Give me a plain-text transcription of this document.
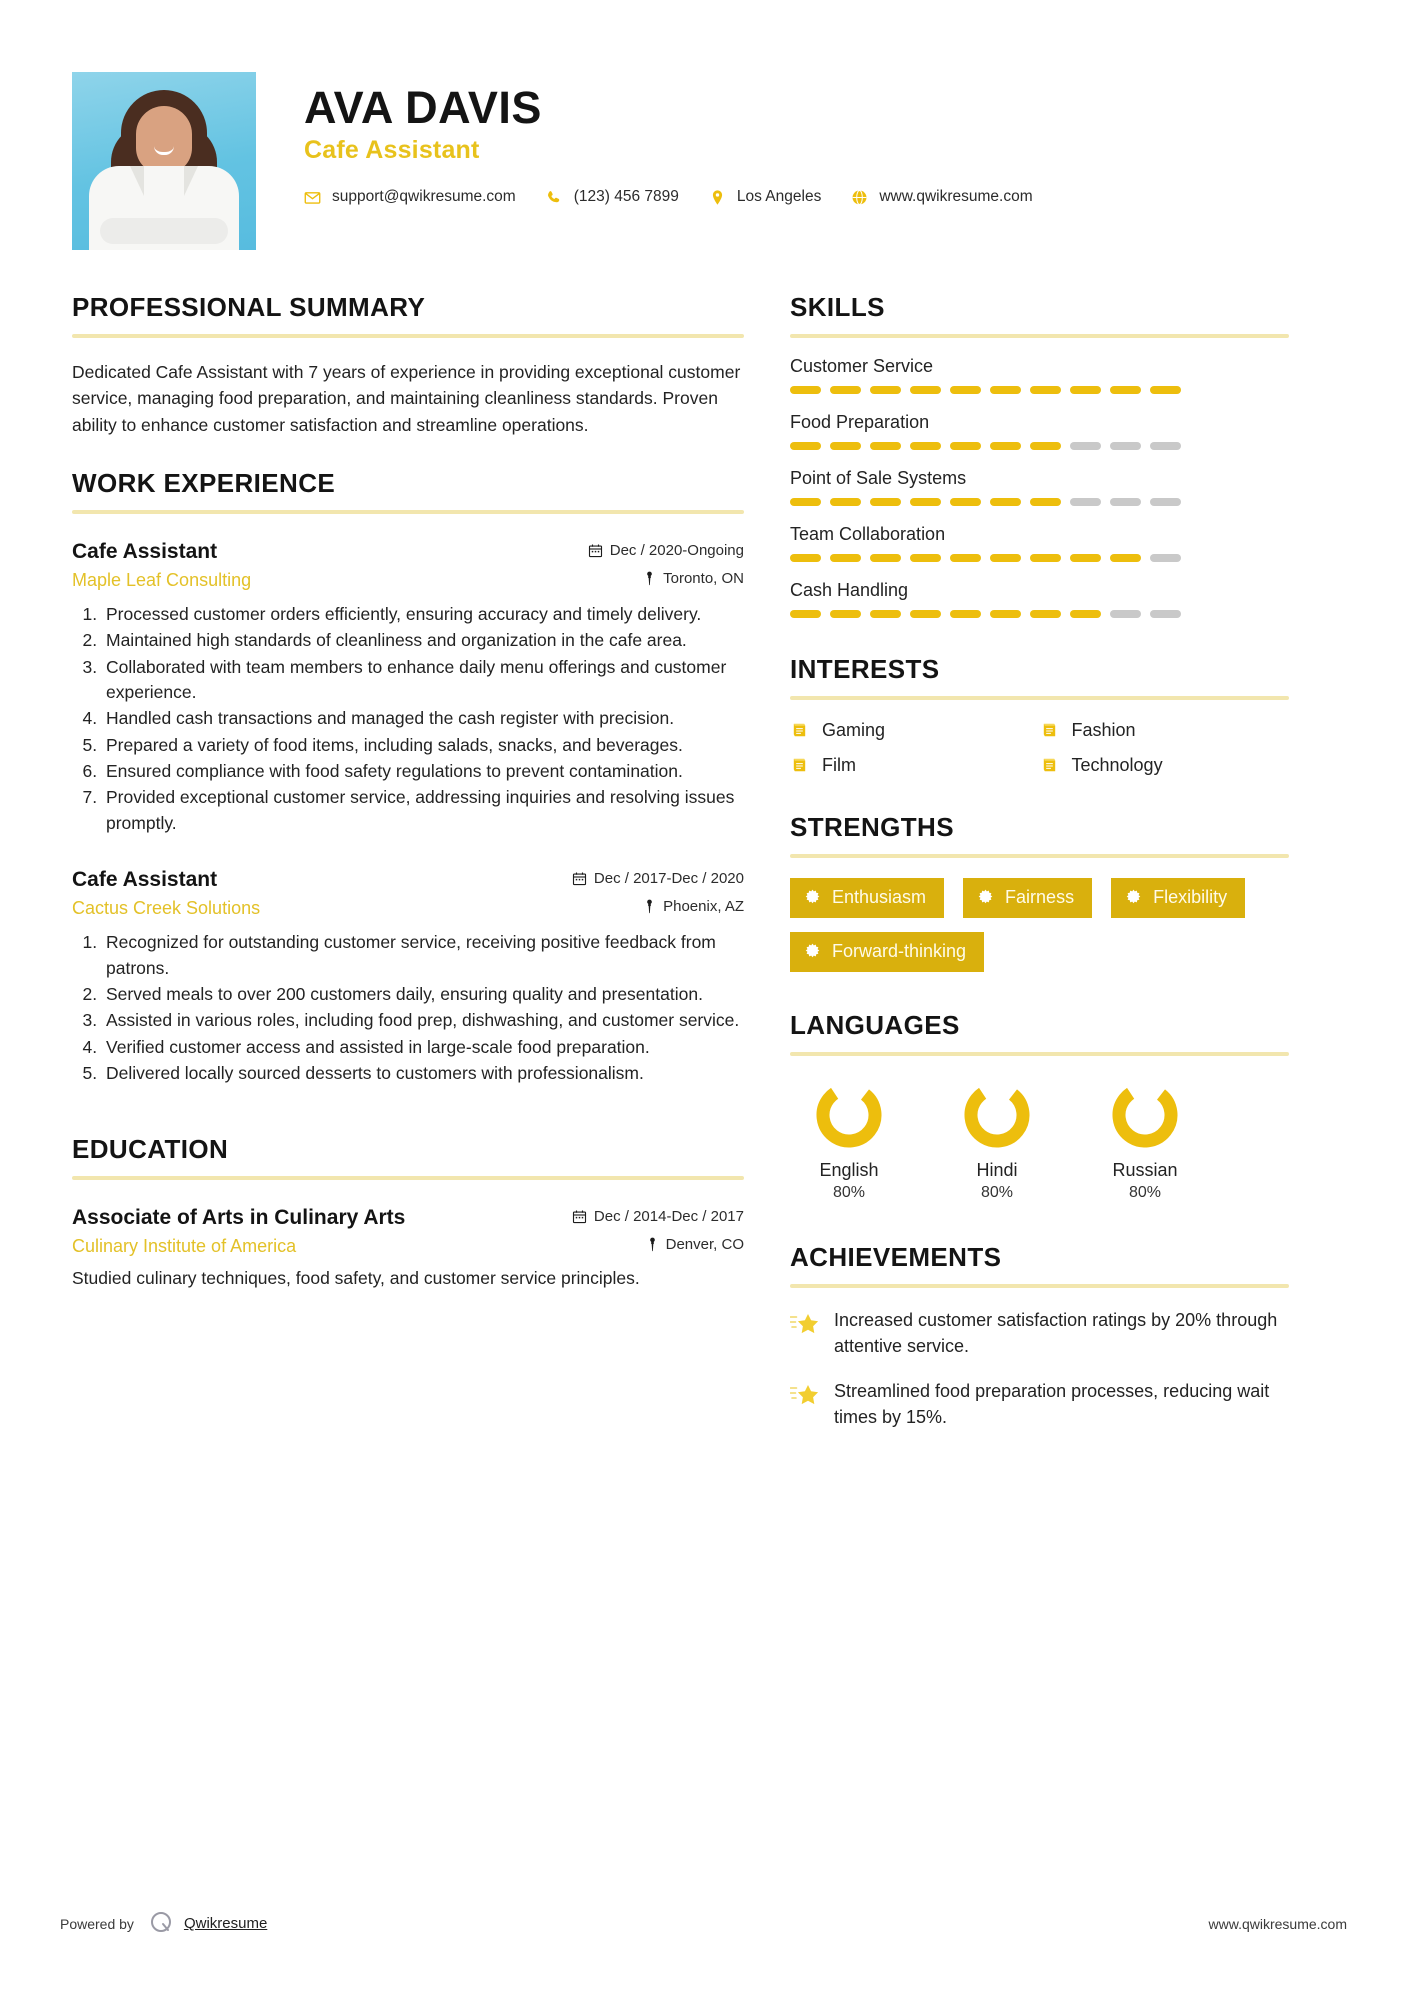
AVA DAVIS
Cafe Assistant
support@qwikresume.com	(123) 456 7899	Los Angeles	www.qwikresume.com
PROFESSIONAL SUMMARY
Dedicated Cafe Assistant with 7 years of experience in providing exceptional customer service, managing food preparation, and maintaining cleanliness standards. Proven ability to enhance customer satisfaction and streamline operations.
WORK EXPERIENCE
Cafe Assistant	Dec / 2020-Ongoing
Maple Leaf Consulting	Toronto, ON
1. Processed customer orders efficiently, ensuring accuracy and timely delivery.
2. Maintained high standards of cleanliness and organization in the cafe area.
3. Collaborated with team members to enhance daily menu offerings and customer experience.
4. Handled cash transactions and managed the cash register with precision.
5. Prepared a variety of food items, including salads, snacks, and beverages.
6. Ensured compliance with food safety regulations to prevent contamination.
7. Provided exceptional customer service, addressing inquiries and resolving issues promptly.
Cafe Assistant	Dec / 2017-Dec / 2020
Cactus Creek Solutions	Phoenix, AZ
1. Recognized for outstanding customer service, receiving positive feedback from patrons.
2. Served meals to over 200 customers daily, ensuring quality and presentation.
3. Assisted in various roles, including food prep, dishwashing, and customer service.
4. Verified customer access and assisted in large-scale food preparation.
5. Delivered locally sourced desserts to customers with professionalism.
EDUCATION
Associate of Arts in Culinary Arts	Dec / 2014-Dec / 2017
Culinary Institute of America	Denver, CO
Studied culinary techniques, food safety, and customer service principles.
SKILLS
Customer Service
Food Preparation
Point of Sale Systems
Team Collaboration
Cash Handling
INTERESTS
Gaming	Fashion
Film	Technology
STRENGTHS
Enthusiasm	Fairness	Flexibility
Forward-thinking
LANGUAGES
English
80%
Hindi
80%
Russian
80%
ACHIEVEMENTS
Increased customer satisfaction ratings by 20% through attentive service.
Streamlined food preparation processes, reducing wait times by 15%.
Powered by	Qwikresume	www.qwikresume.com
